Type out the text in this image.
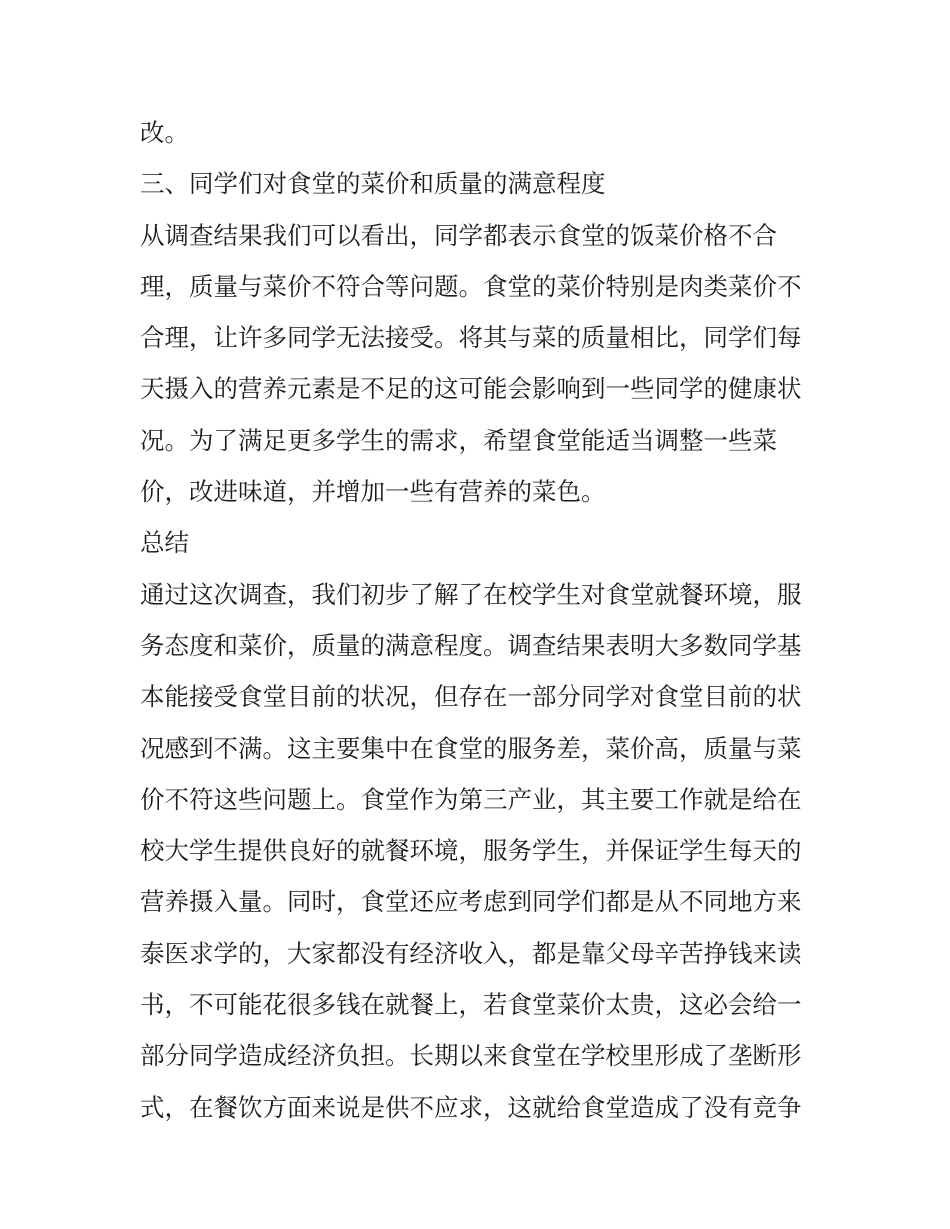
改。
三、同学们对食堂的菜价和质量的满意程度
从调查结果我们可以看出，同学都表示食堂的饭菜价格不合
理，质量与菜价不符合等问题。食堂的菜价特别是肉类菜价不
合理，让许多同学无法接受。将其与菜的质量相比，同学们每
天摄入的营养元素是不足的这可能会影响到一些同学的健康状
况。为了满足更多学生的需求，希望食堂能适当调整一些菜
价，改进味道，并增加一些有营养的菜色。
总结
通过这次调查，我们初步了解了在校学生对食堂就餐环境，服
务态度和菜价，质量的满意程度。调查结果表明大多数同学基
本能接受食堂目前的状况，但存在一部分同学对食堂目前的状
况感到不满。这主要集中在食堂的服务差，菜价高，质量与菜
价不符这些问题上。食堂作为第三产业，其主要工作就是给在
校大学生提供良好的就餐环境，服务学生，并保证学生每天的
营养摄入量。同时，食堂还应考虑到同学们都是从不同地方来
泰医求学的，大家都没有经济收入，都是靠父母辛苦挣钱来读
书，不可能花很多钱在就餐上，若食堂菜价太贵，这必会给一
部分同学造成经济负担。长期以来食堂在学校里形成了垄断形
式，在餐饮方面来说是供不应求，这就给食堂造成了没有竞争
